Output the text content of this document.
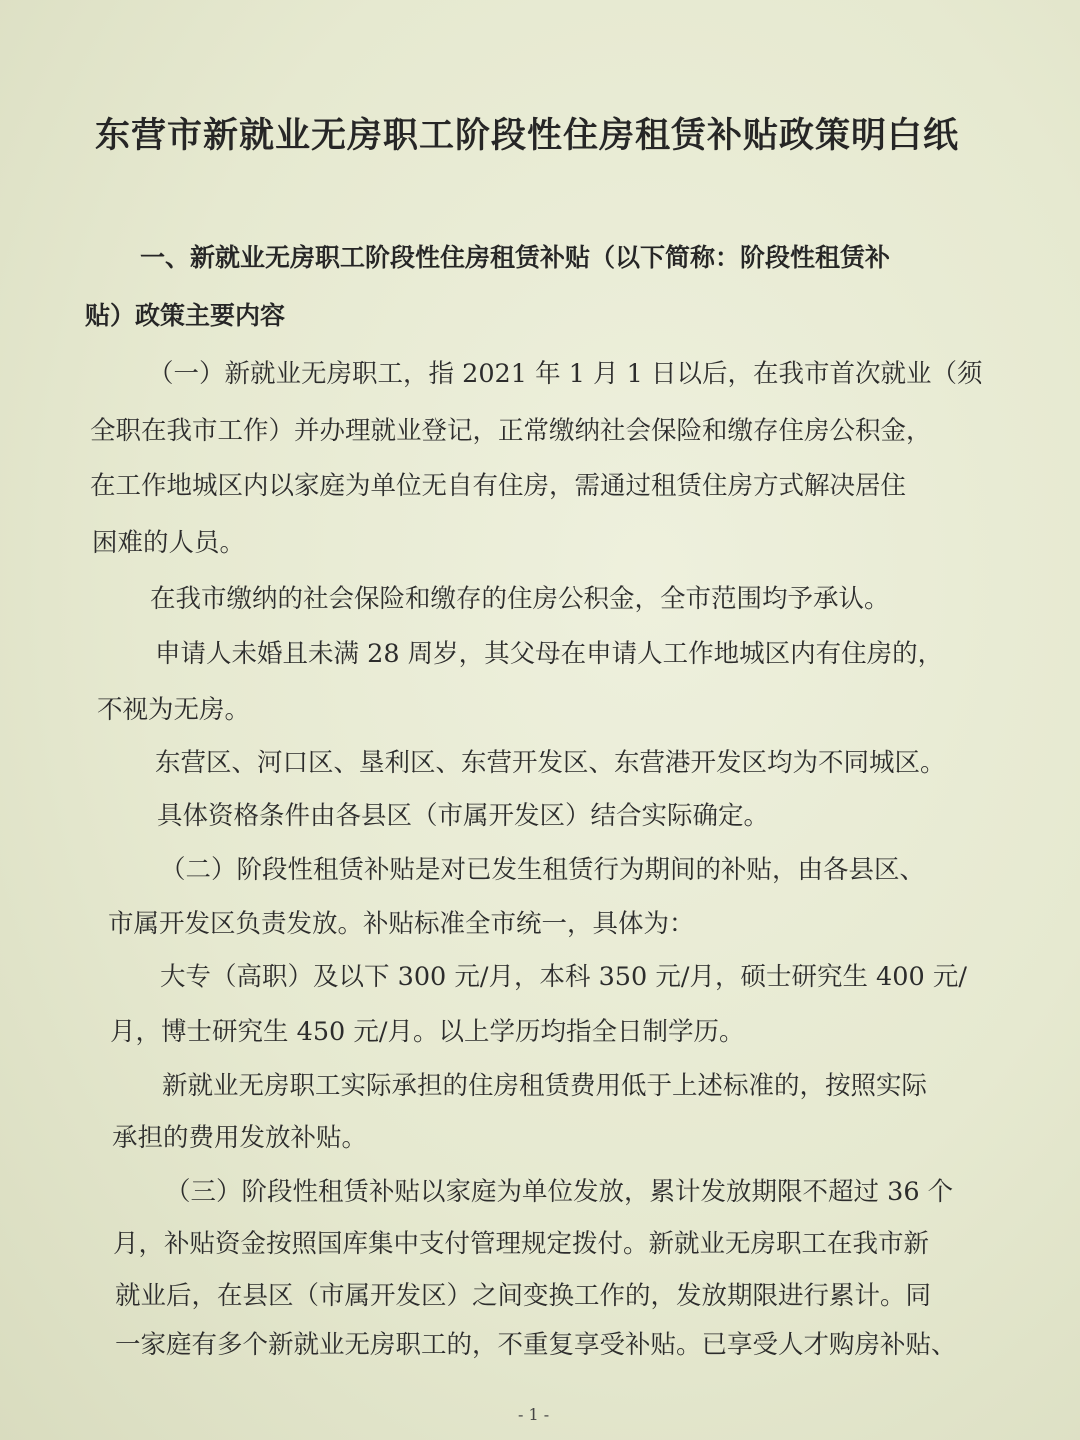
东营市新就业无房职工阶段性住房租赁补贴政策明白纸
一、新就业无房职工阶段性住房租赁补贴（以下简称：阶段性租赁补
贴）政策主要内容
（一）新就业无房职工，指 2021 年 1 月 1 日以后，在我市首次就业（须
全职在我市工作）并办理就业登记，正常缴纳社会保险和缴存住房公积金，
在工作地城区内以家庭为单位无自有住房，需通过租赁住房方式解决居住
困难的人员。
在我市缴纳的社会保险和缴存的住房公积金，全市范围均予承认。
申请人未婚且未满 28 周岁，其父母在申请人工作地城区内有住房的，
不视为无房。
东营区、河口区、垦利区、东营开发区、东营港开发区均为不同城区。
具体资格条件由各县区（市属开发区）结合实际确定。
（二）阶段性租赁补贴是对已发生租赁行为期间的补贴，由各县区、
市属开发区负责发放。补贴标准全市统一，具体为：
大专（高职）及以下 300 元/月，本科 350 元/月，硕士研究生 400 元/
月，博士研究生 450 元/月。以上学历均指全日制学历。
新就业无房职工实际承担的住房租赁费用低于上述标准的，按照实际
承担的费用发放补贴。
（三）阶段性租赁补贴以家庭为单位发放，累计发放期限不超过 36 个
月，补贴资金按照国库集中支付管理规定拨付。新就业无房职工在我市新
就业后，在县区（市属开发区）之间变换工作的，发放期限进行累计。同
一家庭有多个新就业无房职工的，不重复享受补贴。已享受人才购房补贴、
- 1 -
